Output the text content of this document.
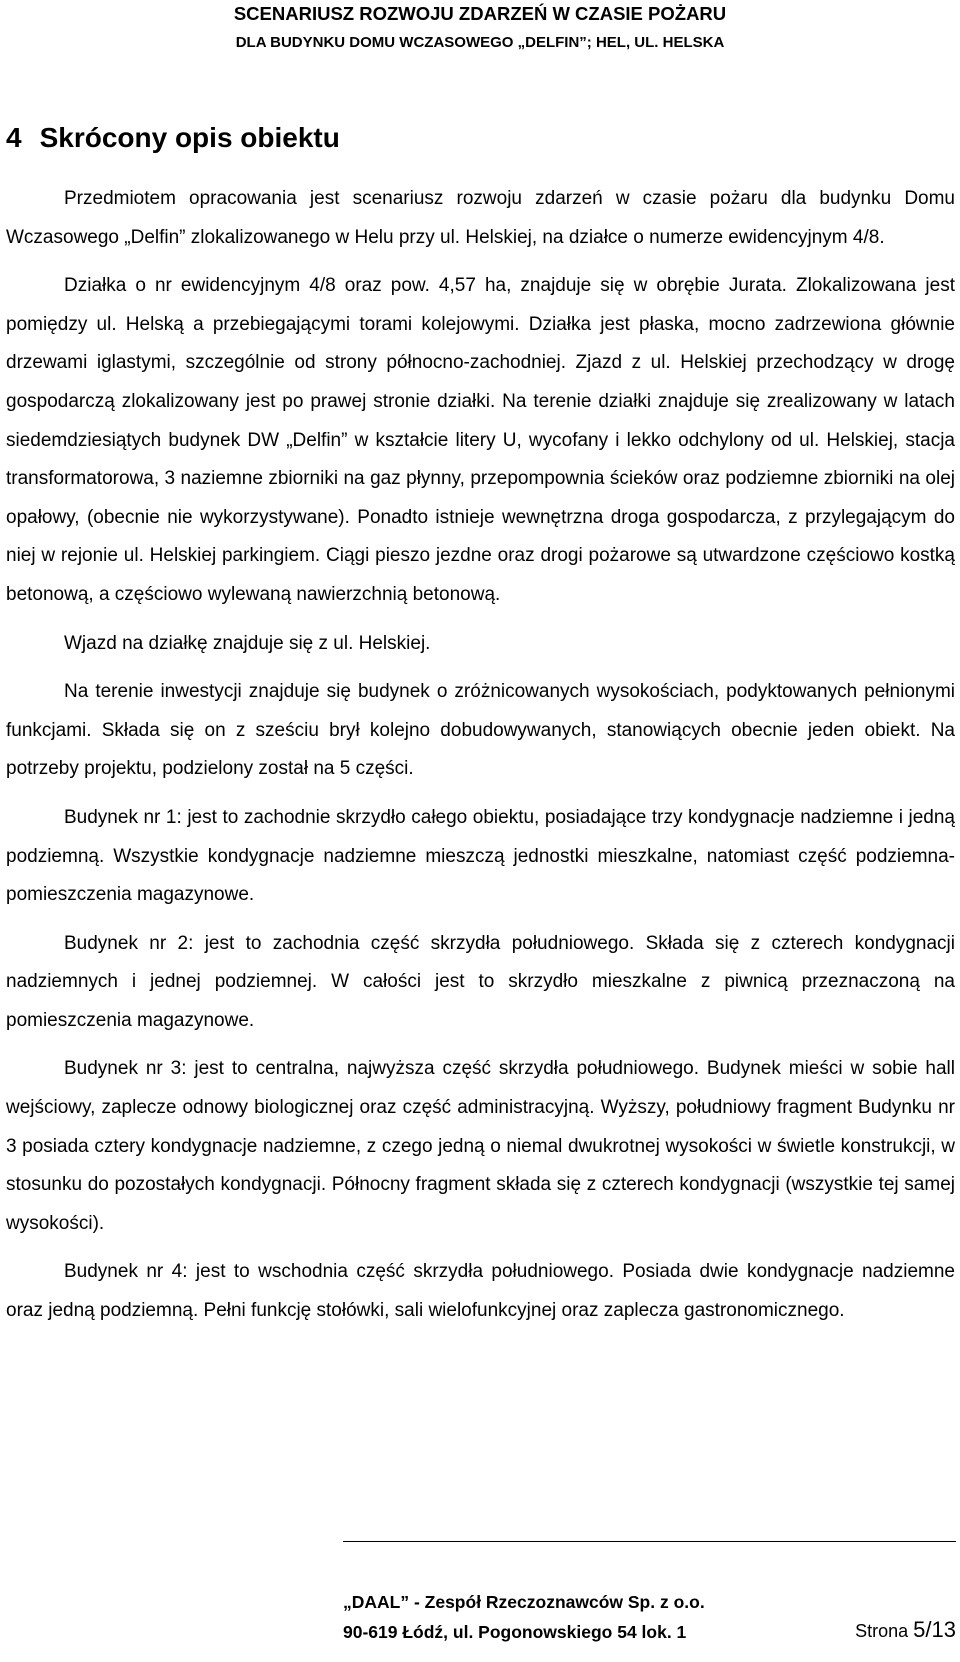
SCENARIUSZ ROZWOJU ZDARZEŃ W CZASIE POŻARU
DLA BUDYNKU DOMU WCZASOWEGO „DELFIN”; HEL, UL. HELSKA
4 Skrócony opis obiektu

Przedmiotem opracowania jest scenariusz rozwoju zdarzeń w czasie pożaru dla budynku Domu Wczasowego „Delfin” zlokalizowanego w Helu przy ul. Helskiej, na działce o numerze ewidencyjnym 4/8.

Działka o nr ewidencyjnym 4/8 oraz pow. 4,57 ha, znajduje się w obrębie Jurata. Zlokalizowana jest pomiędzy ul. Helską a przebiegającymi torami kolejowymi. Działka jest płaska, mocno zadrzewiona głównie drzewami iglastymi, szczególnie od strony północno-zachodniej. Zjazd z ul. Helskiej przechodzący w drogę gospodarczą zlokalizowany jest po prawej stronie działki. Na terenie działki znajduje się zrealizowany w latach siedemdziesiątych budynek DW „Delfin” w kształcie litery U, wycofany i lekko odchylony od ul. Helskiej, stacja transformatorowa, 3 naziemne zbiorniki na gaz płynny, przepompownia ścieków oraz podziemne zbiorniki na olej opałowy, (obecnie nie wykorzystywane). Ponadto istnieje wewnętrzna droga gospodarcza, z przylegającym do niej w rejonie ul. Helskiej parkingiem. Ciągi pieszo jezdne oraz drogi pożarowe są utwardzone częściowo kostką betonową, a częściowo wylewaną nawierzchnią betonową.

Wjazd na działkę znajduje się z ul. Helskiej.

Na terenie inwestycji znajduje się budynek o zróżnicowanych wysokościach, podyktowanych pełnionymi funkcjami. Składa się on z sześciu brył kolejno dobudowywanych, stanowiących obecnie jeden obiekt. Na potrzeby projektu, podzielony został na 5 części.

Budynek nr 1: jest to zachodnie skrzydło całego obiektu, posiadające trzy kondygnacje nadziemne i jedną podziemną. Wszystkie kondygnacje nadziemne mieszczą jednostki mieszkalne, natomiast część podziemna- pomieszczenia magazynowe.

Budynek nr 2: jest to zachodnia część skrzydła południowego. Składa się z czterech kondygnacji nadziemnych i jednej podziemnej. W całości jest to skrzydło mieszkalne z piwnicą przeznaczoną na pomieszczenia magazynowe.

Budynek nr 3: jest to centralna, najwyższa część skrzydła południowego. Budynek mieści w sobie hall wejściowy, zaplecze odnowy biologicznej oraz część administracyjną. Wyższy, południowy fragment Budynku nr 3 posiada cztery kondygnacje nadziemne, z czego jedną o niemal dwukrotnej wysokości w świetle konstrukcji, w stosunku do pozostałych kondygnacji. Północny fragment składa się z czterech kondygnacji (wszystkie tej samej wysokości).

Budynek nr 4: jest to wschodnia część skrzydła południowego. Posiada dwie kondygnacje nadziemne oraz jedną podziemną. Pełni funkcję stołówki, sali wielofunkcyjnej oraz zaplecza gastronomicznego.

„DAAL” - Zespół Rzeczoznawców Sp. z o.o.
90-619 Łódź, ul. Pogonowskiego 54 lok. 1	Strona 5/13
